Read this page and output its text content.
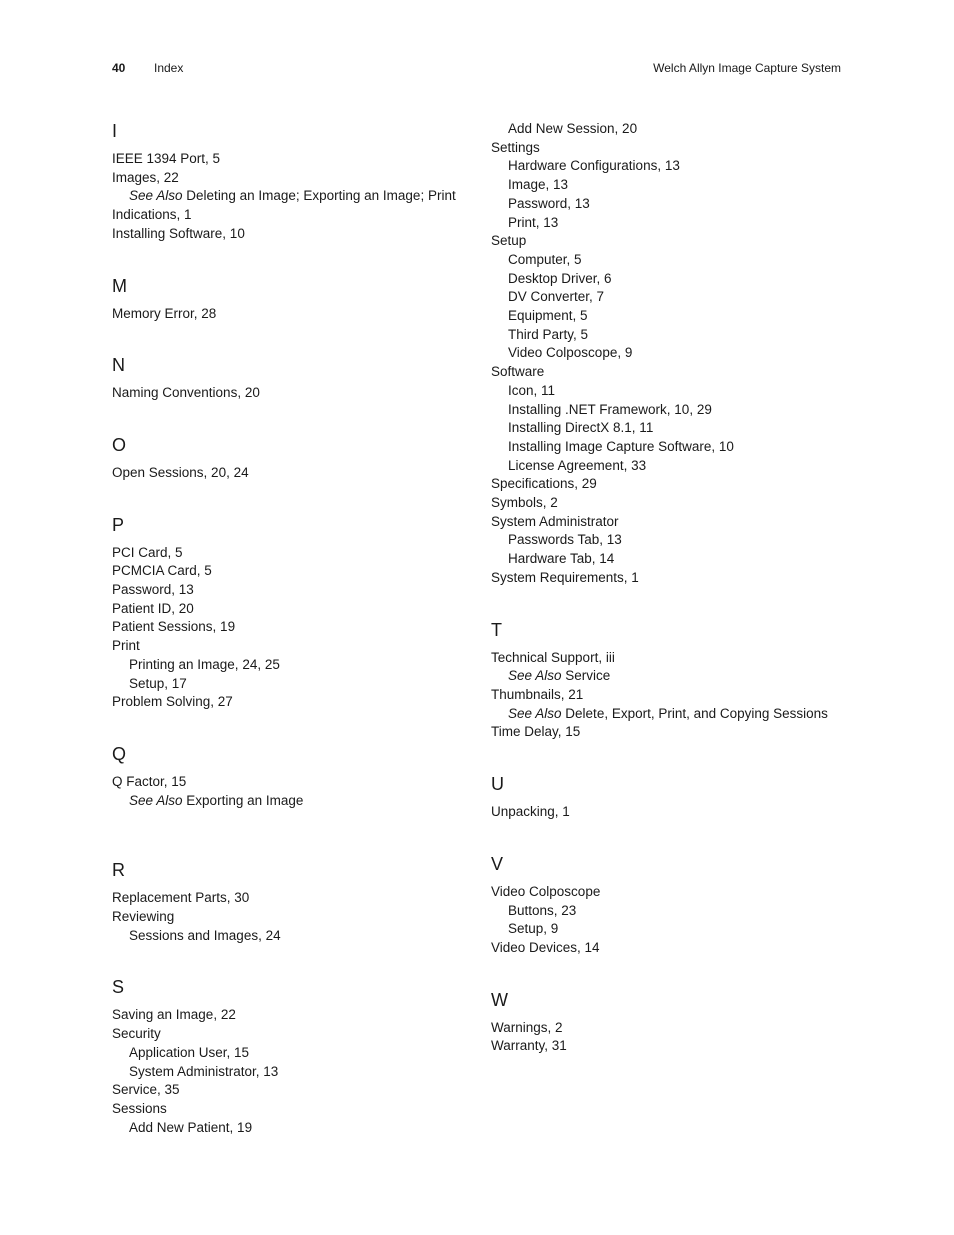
40 Index	Welch Allyn Image Capture System
I
IEEE 1394 Port, 5
Images, 22
See Also Deleting an Image; Exporting an Image; Print
Indications, 1
Installing Software, 10
M
Memory Error, 28
N
Naming Conventions, 20
O
Open Sessions, 20, 24
P
PCI Card, 5
PCMCIA Card, 5
Password, 13
Patient ID, 20
Patient Sessions, 19
Print
Printing an Image, 24, 25
Setup, 17
Problem Solving, 27
Q
Q Factor, 15
See Also Exporting an Image
R
Replacement Parts, 30
Reviewing
Sessions and Images, 24
S
Saving an Image, 22
Security
Application User, 15
System Administrator, 13
Service, 35
Sessions
Add New Patient, 19
Add New Session, 20
Settings
Hardware Configurations, 13
Image, 13
Password, 13
Print, 13
Setup
Computer, 5
Desktop Driver, 6
DV Converter, 7
Equipment, 5
Third Party, 5
Video Colposcope, 9
Software
Icon, 11
Installing .NET Framework, 10, 29
Installing DirectX 8.1, 11
Installing Image Capture Software, 10
License Agreement, 33
Specifications, 29
Symbols, 2
System Administrator
Passwords Tab, 13
Hardware Tab, 14
System Requirements, 1
T
Technical Support, iii
See Also Service
Thumbnails, 21
See Also Delete, Export, Print, and Copying Sessions
Time Delay, 15
U
Unpacking, 1
V
Video Colposcope
Buttons, 23
Setup, 9
Video Devices, 14
W
Warnings, 2
Warranty, 31
